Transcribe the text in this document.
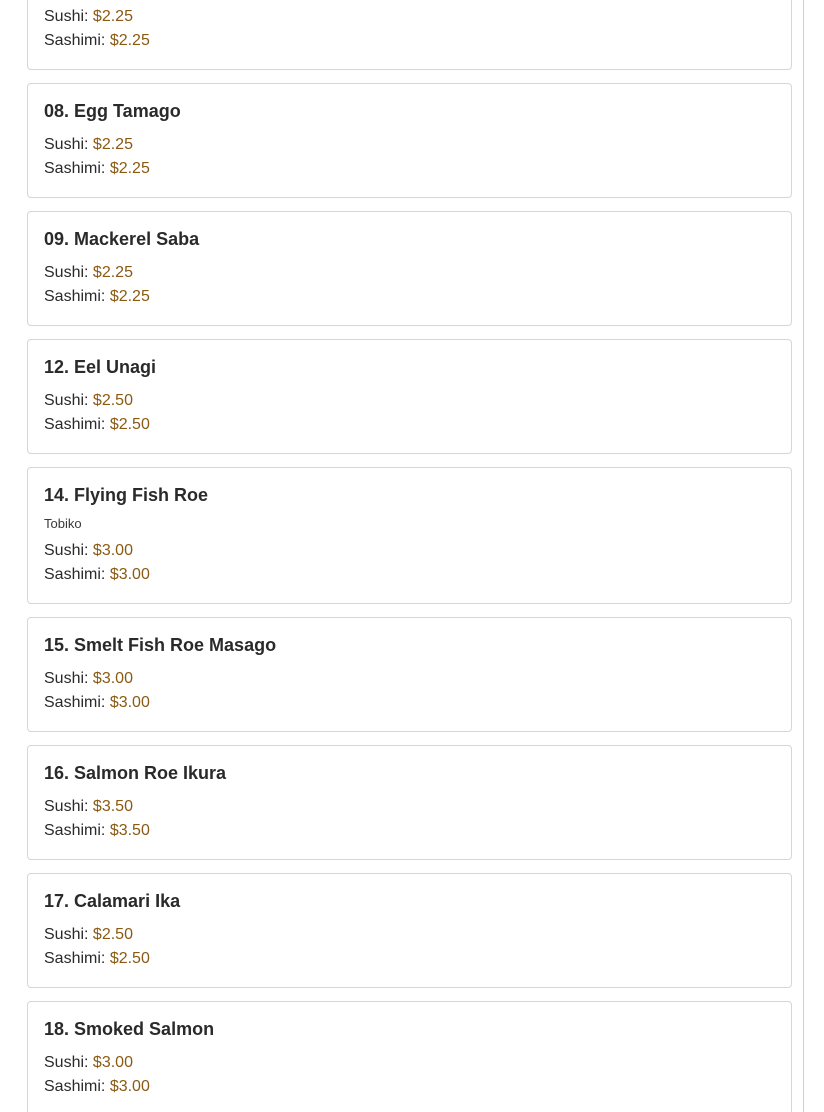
Sushi: $2.25
Sashimi: $2.25
08. Egg Tamago
Sushi: $2.25
Sashimi: $2.25
09. Mackerel Saba
Sushi: $2.25
Sashimi: $2.25
12. Eel Unagi
Sushi: $2.50
Sashimi: $2.50
14. Flying Fish Roe
Tobiko
Sushi: $3.00
Sashimi: $3.00
15. Smelt Fish Roe Masago
Sushi: $3.00
Sashimi: $3.00
16. Salmon Roe Ikura
Sushi: $3.50
Sashimi: $3.50
17. Calamari Ika
Sushi: $2.50
Sashimi: $2.50
18. Smoked Salmon
Sushi: $3.00
Sashimi: $3.00
